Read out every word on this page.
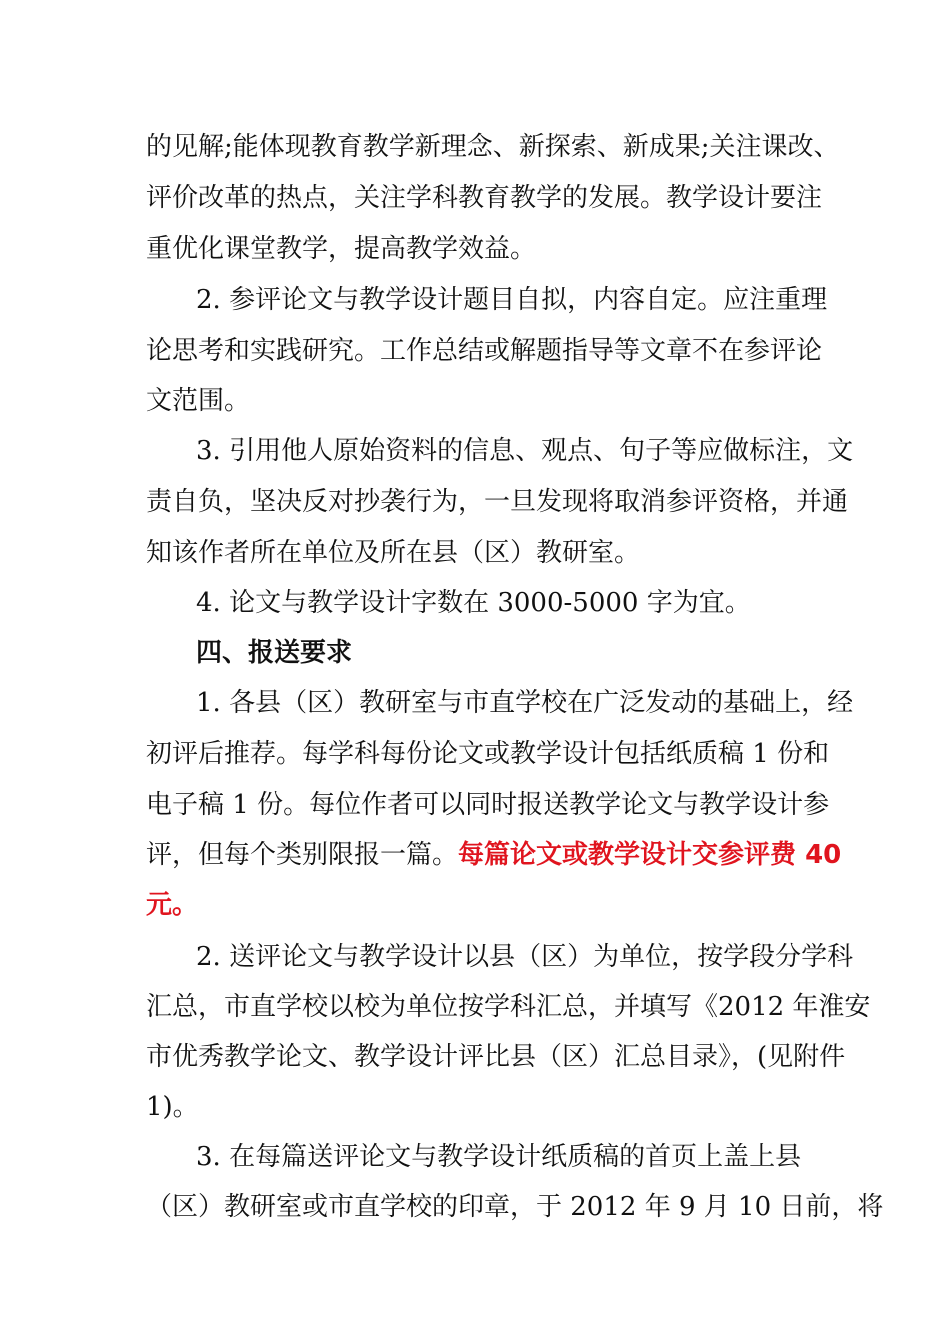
的见解;能体现教育教学新理念、新探索、新成果;关注课改、
评价改革的热点，关注学科教育教学的发展。教学设计要注
重优化课堂教学，提高教学效益。
2. 参评论文与教学设计题目自拟，内容自定。应注重理
论思考和实践研究。工作总结或解题指导等文章不在参评论
文范围。
3. 引用他人原始资料的信息、观点、句子等应做标注，文
责自负，坚决反对抄袭行为，一旦发现将取消参评资格，并通
知该作者所在单位及所在县（区）教研室。
4. 论文与教学设计字数在 3000-5000 字为宜。
四、报送要求
1. 各县（区）教研室与市直学校在广泛发动的基础上，经
初评后推荐。每学科每份论文或教学设计包括纸质稿 1 份和
电子稿 1 份。每位作者可以同时报送教学论文与教学设计参
评，但每个类别限报一篇。每篇论文或教学设计交参评费 40
元。
2. 送评论文与教学设计以县（区）为单位，按学段分学科
汇总，市直学校以校为单位按学科汇总，并填写《2012 年淮安
市优秀教学论文、教学设计评比县（区）汇总目录》，(见附件
1)。
3. 在每篇送评论文与教学设计纸质稿的首页上盖上县
（区）教研室或市直学校的印章，于 2012 年 9 月 10 日前，将
